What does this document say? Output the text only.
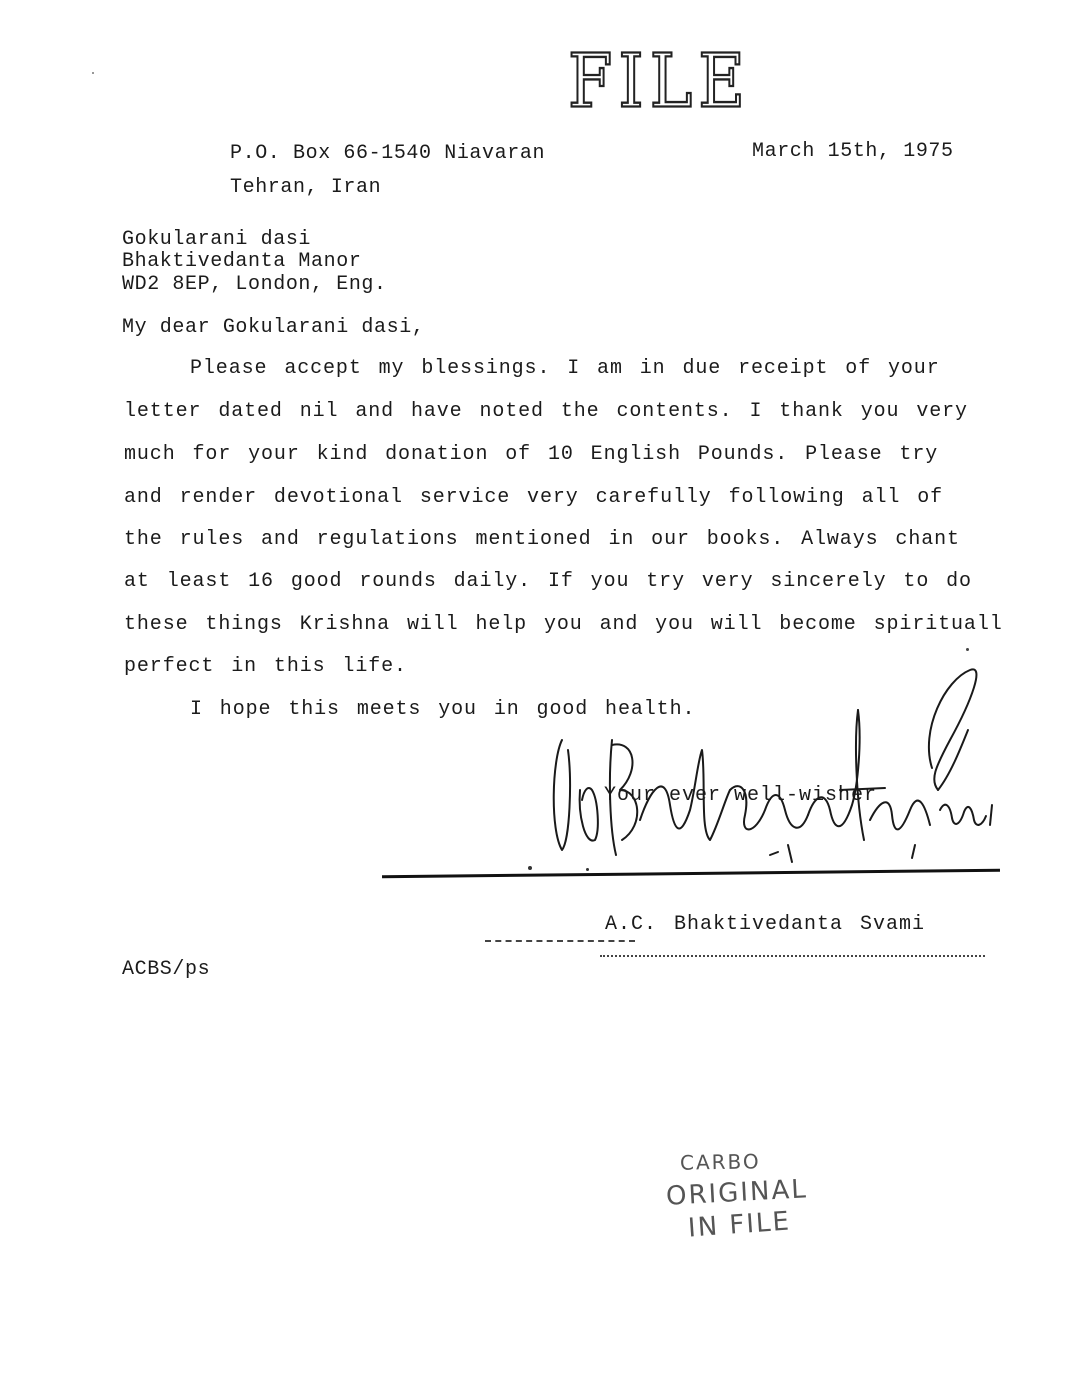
FILE
P.O. Box 66-1540 Niavaran
Tehran, Iran
March 15th, 1975
Gokularani dasi
Bhaktivedanta Manor
WD2 8EP, London, Eng.
My dear Gokularani dasi,
Please accept my blessings. I am in due receipt of your
letter dated nil and have noted the contents. I thank you very
much for your kind donation of 10 English Pounds. Please try
and render devotional service very carefully following all of
the rules and regulations mentioned in our books. Always chant
at least 16 good rounds daily. If you try very sincerely to do
these things Krishna will help you and you will become spirituall
perfect in this life.
I hope this meets you in good health.
Your ever well-wisher
A.C. Bhaktivedanta Svami
ACBS/ps
CARBO
ORIGINAL
IN FILE
